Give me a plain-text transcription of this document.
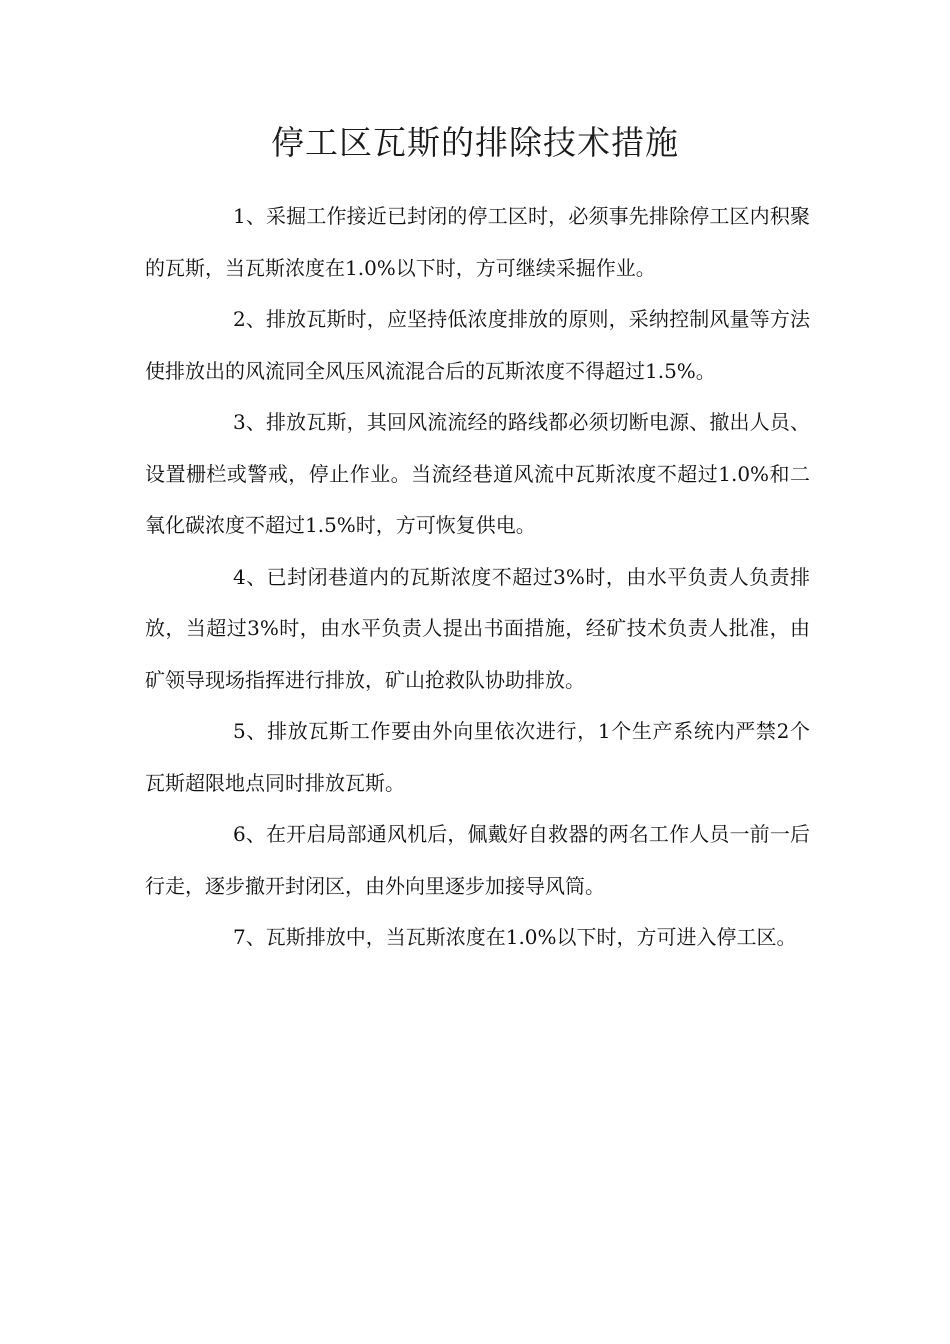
停工区瓦斯的排除技术措施

1、采掘工作接近已封闭的停工区时，必须事先排除停工区内积聚的瓦斯，当瓦斯浓度在1.0%以下时，方可继续采掘作业。

2、排放瓦斯时，应坚持低浓度排放的原则，采纳控制风量等方法使排放出的风流同全风压风流混合后的瓦斯浓度不得超过1.5%。

3、排放瓦斯，其回风流流经的路线都必须切断电源、撤出人员、设置栅栏或警戒，停止作业。当流经巷道风流中瓦斯浓度不超过1.0%和二氧化碳浓度不超过1.5%时，方可恢复供电。

4、已封闭巷道内的瓦斯浓度不超过3%时，由水平负责人负责排放，当超过3%时，由水平负责人提出书面措施，经矿技术负责人批准，由矿领导现场指挥进行排放，矿山抢救队协助排放。

5、排放瓦斯工作要由外向里依次进行，1个生产系统内严禁2个瓦斯超限地点同时排放瓦斯。

6、在开启局部通风机后，佩戴好自救器的两名工作人员一前一后行走，逐步撤开封闭区，由外向里逐步加接导风筒。

7、瓦斯排放中，当瓦斯浓度在1.0%以下时，方可进入停工区。
